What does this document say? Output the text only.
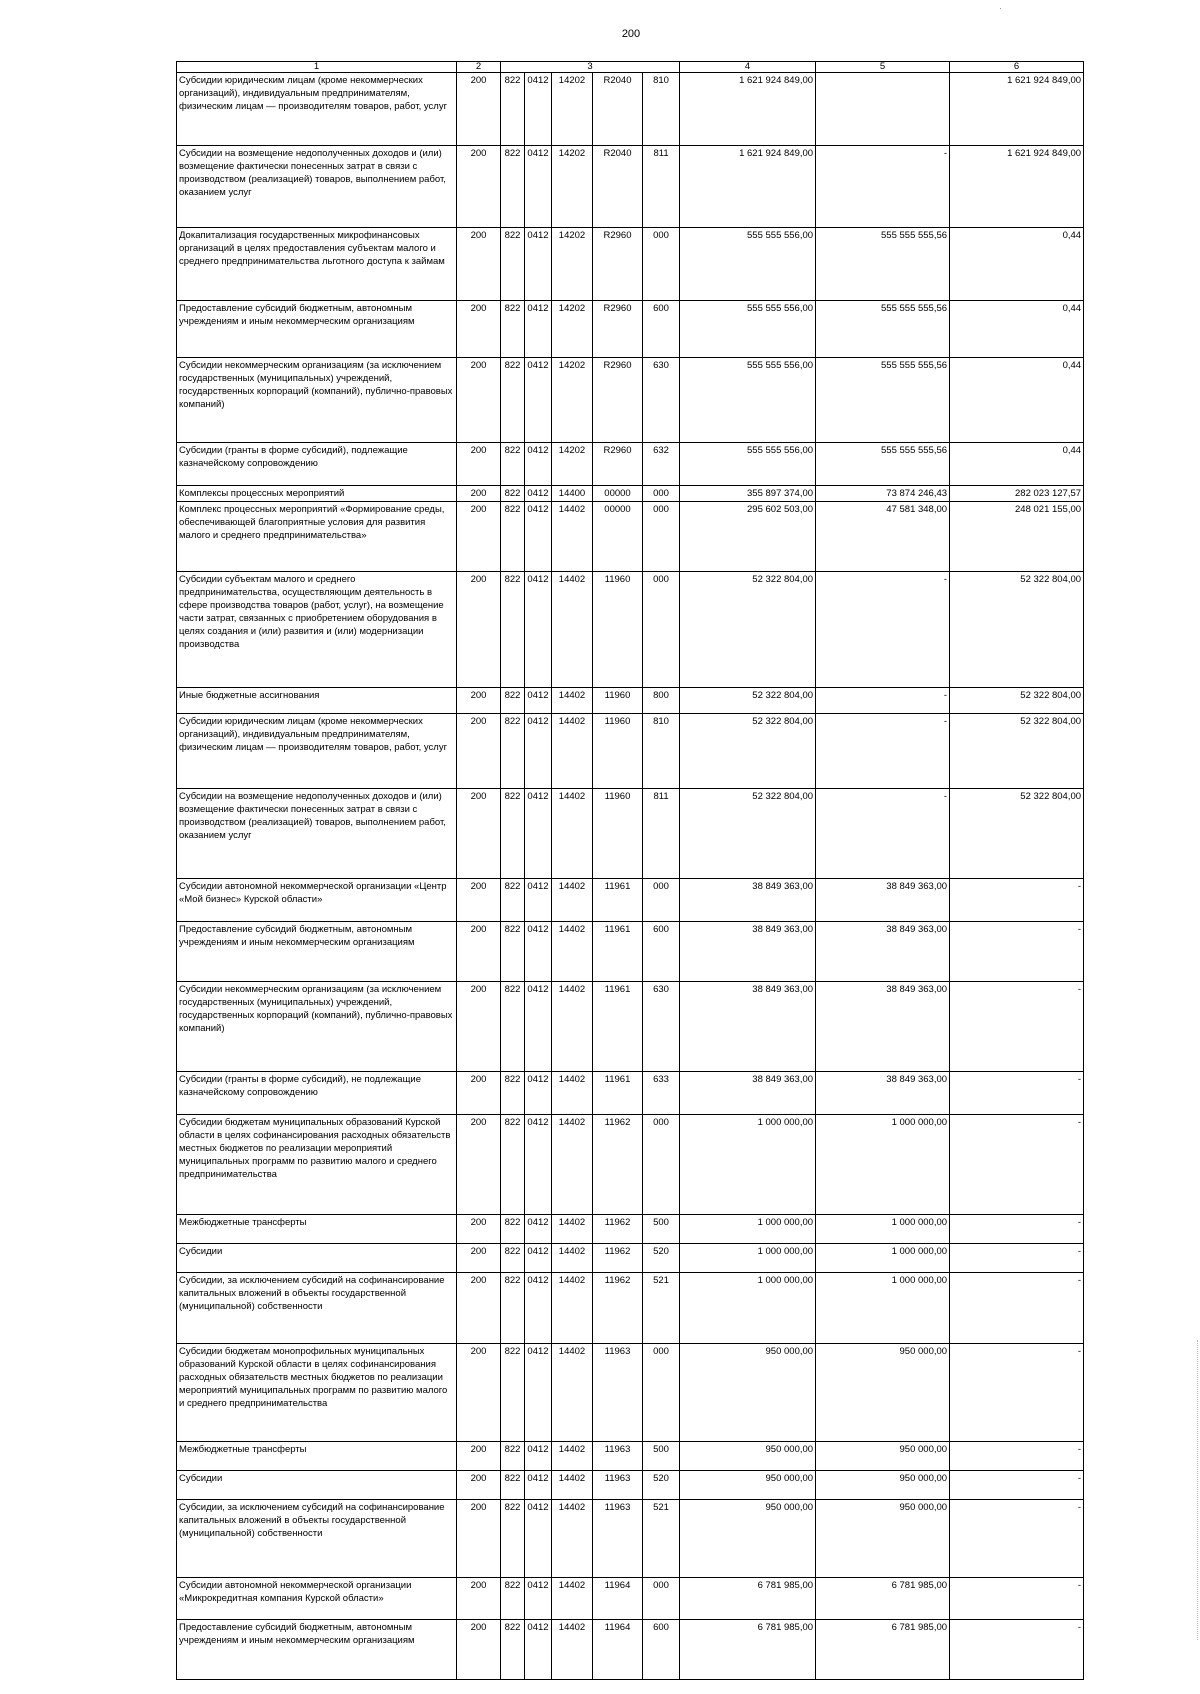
200
1	2	3					4	5	6
Субсидии юридическим лицам (кроме некоммерческих организаций), индивидуальным предпринимателям, физическим лицам — производителям товаров, работ, услуг	200	822	0412	14202	R2040	810	1 621 924 849,00		1 621 924 849,00
Субсидии на возмещение недополученных доходов и (или) возмещение фактически понесенных затрат в связи с производством (реализацией) товаров, выполнением работ, оказанием услуг	200	822	0412	14202	R2040	811	1 621 924 849,00	-	1 621 924 849,00
Докапитализация государственных микрофинансовых организаций в целях предоставления субъектам малого и среднего предпринимательства льготного доступа к займам	200	822	0412	14202	R2960	000	555 555 556,00	555 555 555,56	0,44
Предоставление субсидий бюджетным, автономным учреждениям и иным некоммерческим организациям	200	822	0412	14202	R2960	600	555 555 556,00	555 555 555,56	0,44
Субсидии некоммерческим организациям (за исключением государственных (муниципальных) учреждений, государственных корпораций (компаний), публично-правовых компаний)	200	822	0412	14202	R2960	630	555 555 556,00	555 555 555,56	0,44
Субсидии (гранты в форме субсидий), подлежащие казначейскому сопровождению	200	822	0412	14202	R2960	632	555 555 556,00	555 555 555,56	0,44
Комплексы процессных мероприятий	200	822	0412	14400	00000	000	355 897 374,00	73 874 246,43	282 023 127,57
Комплекс процессных мероприятий «Формирование среды, обеспечивающей благоприятные условия для развития малого и среднего предпринимательства»	200	822	0412	14402	00000	000	295 602 503,00	47 581 348,00	248 021 155,00
Субсидии субъектам малого и среднего предпринимательства, осуществляющим деятельность в сфере производства товаров (работ, услуг), на возмещение части затрат, связанных с приобретением оборудования в целях создания и (или) развития и (или) модернизации производства	200	822	0412	14402	11960	000	52 322 804,00	-	52 322 804,00
Иные бюджетные ассигнования	200	822	0412	14402	11960	800	52 322 804,00	-	52 322 804,00
Субсидии юридическим лицам (кроме некоммерческих организаций), индивидуальным предпринимателям, физическим лицам — производителям товаров, работ, услуг	200	822	0412	14402	11960	810	52 322 804,00	-	52 322 804,00
Субсидии на возмещение недополученных доходов и (или) возмещение фактически понесенных затрат в связи с производством (реализацией) товаров, выполнением работ, оказанием услуг	200	822	0412	14402	11960	811	52 322 804,00	-	52 322 804,00
Субсидии автономной некоммерческой организации «Центр «Мой бизнес» Курской области»	200	822	0412	14402	11961	000	38 849 363,00	38 849 363,00	-
Предоставление субсидий бюджетным, автономным учреждениям и иным некоммерческим организациям	200	822	0412	14402	11961	600	38 849 363,00	38 849 363,00	-
Субсидии некоммерческим организациям (за исключением государственных (муниципальных) учреждений, государственных корпораций (компаний), публично-правовых компаний)	200	822	0412	14402	11961	630	38 849 363,00	38 849 363,00	-
Субсидии (гранты в форме субсидий), не подлежащие казначейскому сопровождению	200	822	0412	14402	11961	633	38 849 363,00	38 849 363,00	-
Субсидии бюджетам муниципальных образований Курской области в целях софинансирования расходных обязательств местных бюджетов по реализации мероприятий муниципальных программ по развитию малого и среднего предпринимательства	200	822	0412	14402	11962	000	1 000 000,00	1 000 000,00	-
Межбюджетные трансферты	200	822	0412	14402	11962	500	1 000 000,00	1 000 000,00	-
Субсидии	200	822	0412	14402	11962	520	1 000 000,00	1 000 000,00	-
Субсидии, за исключением субсидий на софинансирование капитальных вложений в объекты государственной (муниципальной) собственности	200	822	0412	14402	11962	521	1 000 000,00	1 000 000,00	-
Субсидии бюджетам монопрофильных муниципальных образований Курской области в целях софинансирования расходных обязательств местных бюджетов по реализации мероприятий муниципальных программ по развитию малого и среднего предпринимательства	200	822	0412	14402	11963	000	950 000,00	950 000,00	-
Межбюджетные трансферты	200	822	0412	14402	11963	500	950 000,00	950 000,00	-
Субсидии	200	822	0412	14402	11963	520	950 000,00	950 000,00	-
Субсидии, за исключением субсидий на софинансирование капитальных вложений в объекты государственной (муниципальной) собственности	200	822	0412	14402	11963	521	950 000,00	950 000,00	-
Субсидии автономной некоммерческой организации «Микрокредитная компания Курской области»	200	822	0412	14402	11964	000	6 781 985,00	6 781 985,00	-
Предоставление субсидий бюджетным, автономным учреждениям и иным некоммерческим организациям	200	822	0412	14402	11964	600	6 781 985,00	6 781 985,00	-
